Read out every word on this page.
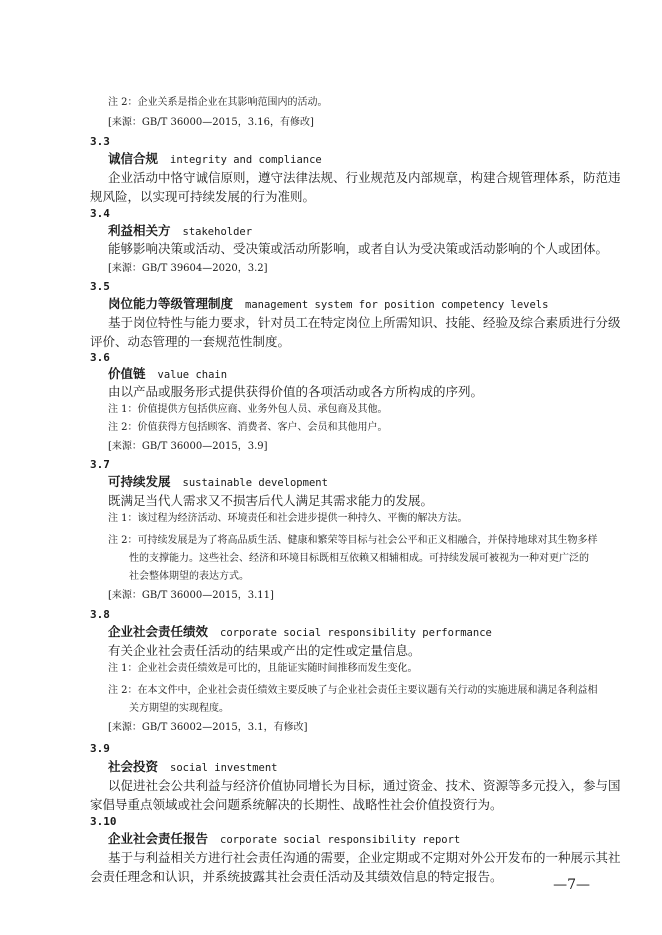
注 2：企业关系是指企业在其影响范围内的活动。
[来源：GB/T 36000—2015，3.16，有修改]
3.3
诚信合规 integrity and compliance
企业活动中恪守诚信原则，遵守法律法规、行业规范及内部规章，构建合规管理体系，防范违
规风险，以实现可持续发展的行为准则。
3.4
利益相关方 stakeholder
能够影响决策或活动、受决策或活动所影响，或者自认为受决策或活动影响的个人或团体。
[来源：GB/T 39604—2020，3.2]
3.5
岗位能力等级管理制度 management system for position competency levels
基于岗位特性与能力要求，针对员工在特定岗位上所需知识、技能、经验及综合素质进行分级
评价、动态管理的一套规范性制度。
3.6
价值链 value chain
由以产品或服务形式提供获得价值的各项活动或各方所构成的序列。
注 1：价值提供方包括供应商、业务外包人员、承包商及其他。
注 2：价值获得方包括顾客、消费者、客户、会员和其他用户。
[来源：GB/T 36000—2015，3.9]
3.7
可持续发展 sustainable development
既满足当代人需求又不损害后代人满足其需求能力的发展。
注 1：该过程为经济活动、环境责任和社会进步提供一种持久、平衡的解决方法。
注 2：可持续发展是为了将高品质生活、健康和繁荣等目标与社会公平和正义相融合，并保持地球对其生物多样
性的支撑能力。这些社会、经济和环境目标既相互依赖又相辅相成。可持续发展可被视为一种对更广泛的
社会整体期望的表达方式。
[来源：GB/T 36000—2015，3.11]
3.8
企业社会责任绩效 corporate social responsibility performance
有关企业社会责任活动的结果或产出的定性或定量信息。
注 1：企业社会责任绩效是可比的，且能证实随时间推移而发生变化。
注 2：在本文件中，企业社会责任绩效主要反映了与企业社会责任主要议题有关行动的实施进展和满足各利益相
关方期望的实现程度。
[来源：GB/T 36002—2015，3.1，有修改]
3.9
社会投资 social investment
以促进社会公共利益与经济价值协同增长为目标，通过资金、技术、资源等多元投入，参与国
家倡导重点领域或社会问题系统解决的长期性、战略性社会价值投资行为。
3.10
企业社会责任报告 corporate social responsibility report
基于与利益相关方进行社会责任沟通的需要，企业定期或不定期对外公开发布的一种展示其社
会责任理念和认识，并系统披露其社会责任活动及其绩效信息的特定报告。
—7—
